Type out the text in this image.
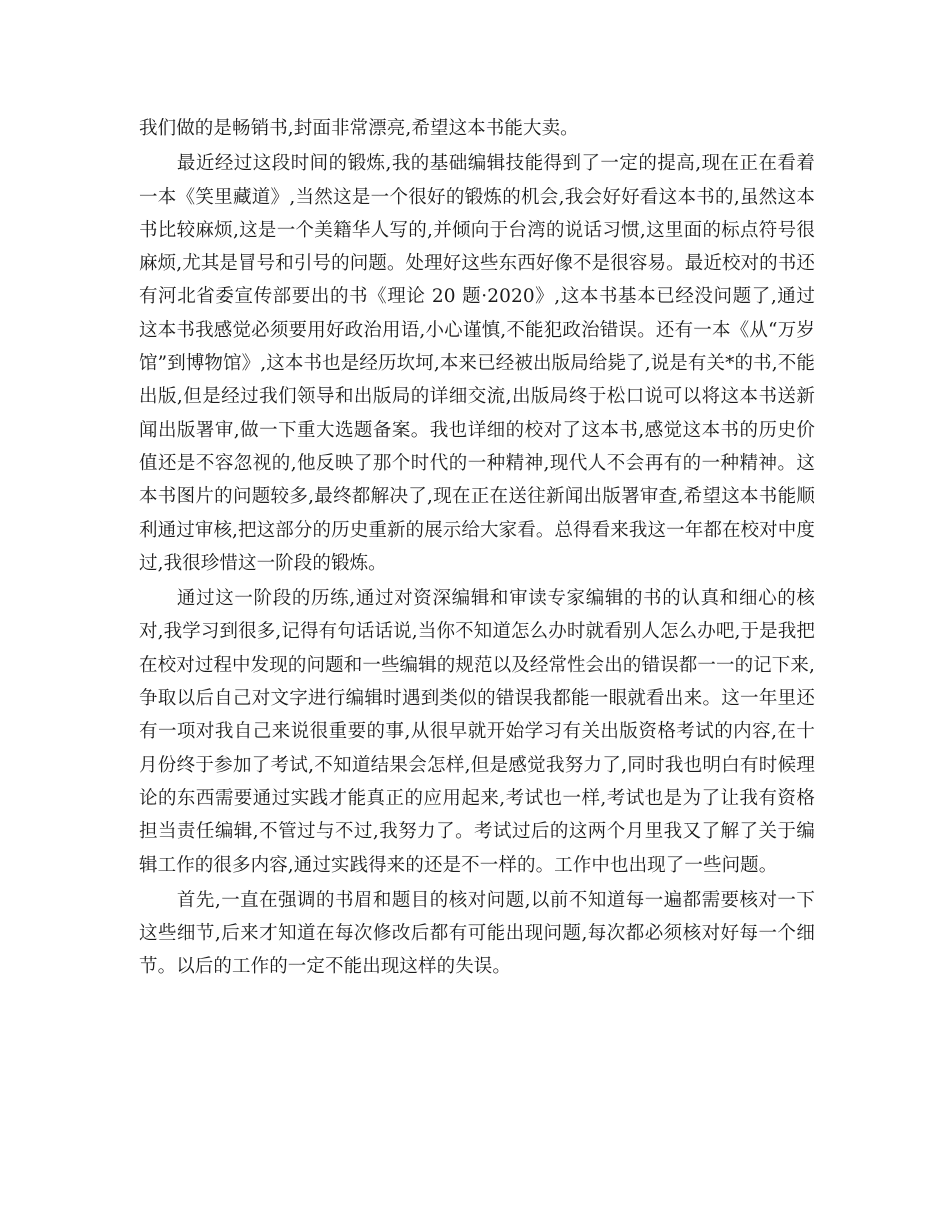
我们做的是畅销书,封面非常漂亮,希望这本书能大卖。

最近经过这段时间的锻炼,我的基础编辑技能得到了一定的提高,现在正在看着一本《笑里藏道》,当然这是一个很好的锻炼的机会,我会好好看这本书的,虽然这本书比较麻烦,这是一个美籍华人写的,并倾向于台湾的说话习惯,这里面的标点符号很麻烦,尤其是冒号和引号的问题。处理好这些东西好像不是很容易。最近校对的书还有河北省委宣传部要出的书《理论 20 题·2020》,这本书基本已经没问题了,通过这本书我感觉必须要用好政治用语,小心谨慎,不能犯政治错误。还有一本《从“万岁馆”到博物馆》,这本书也是经历坎坷,本来已经被出版局给毙了,说是有关*的书,不能出版,但是经过我们领导和出版局的详细交流,出版局终于松口说可以将这本书送新闻出版署审,做一下重大选题备案。我也详细的校对了这本书,感觉这本书的历史价值还是不容忽视的,他反映了那个时代的一种精神,现代人不会再有的一种精神。这本书图片的问题较多,最终都解决了,现在正在送往新闻出版署审查,希望这本书能顺利通过审核,把这部分的历史重新的展示给大家看。总得看来我这一年都在校对中度过,我很珍惜这一阶段的锻炼。

通过这一阶段的历练,通过对资深编辑和审读专家编辑的书的认真和细心的核对,我学习到很多,记得有句话话说,当你不知道怎么办时就看别人怎么办吧,于是我把在校对过程中发现的问题和一些编辑的规范以及经常性会出的错误都一一的记下来,争取以后自己对文字进行编辑时遇到类似的错误我都能一眼就看出来。这一年里还有一项对我自己来说很重要的事,从很早就开始学习有关出版资格考试的内容,在十月份终于参加了考试,不知道结果会怎样,但是感觉我努力了,同时我也明白有时候理论的东西需要通过实践才能真正的应用起来,考试也一样,考试也是为了让我有资格担当责任编辑,不管过与不过,我努力了。考试过后的这两个月里我又了解了关于编辑工作的很多内容,通过实践得来的还是不一样的。工作中也出现了一些问题。

首先,一直在强调的书眉和题目的核对问题,以前不知道每一遍都需要核对一下这些细节,后来才知道在每次修改后都有可能出现问题,每次都必须核对好每一个细节。以后的工作的一定不能出现这样的失误。
